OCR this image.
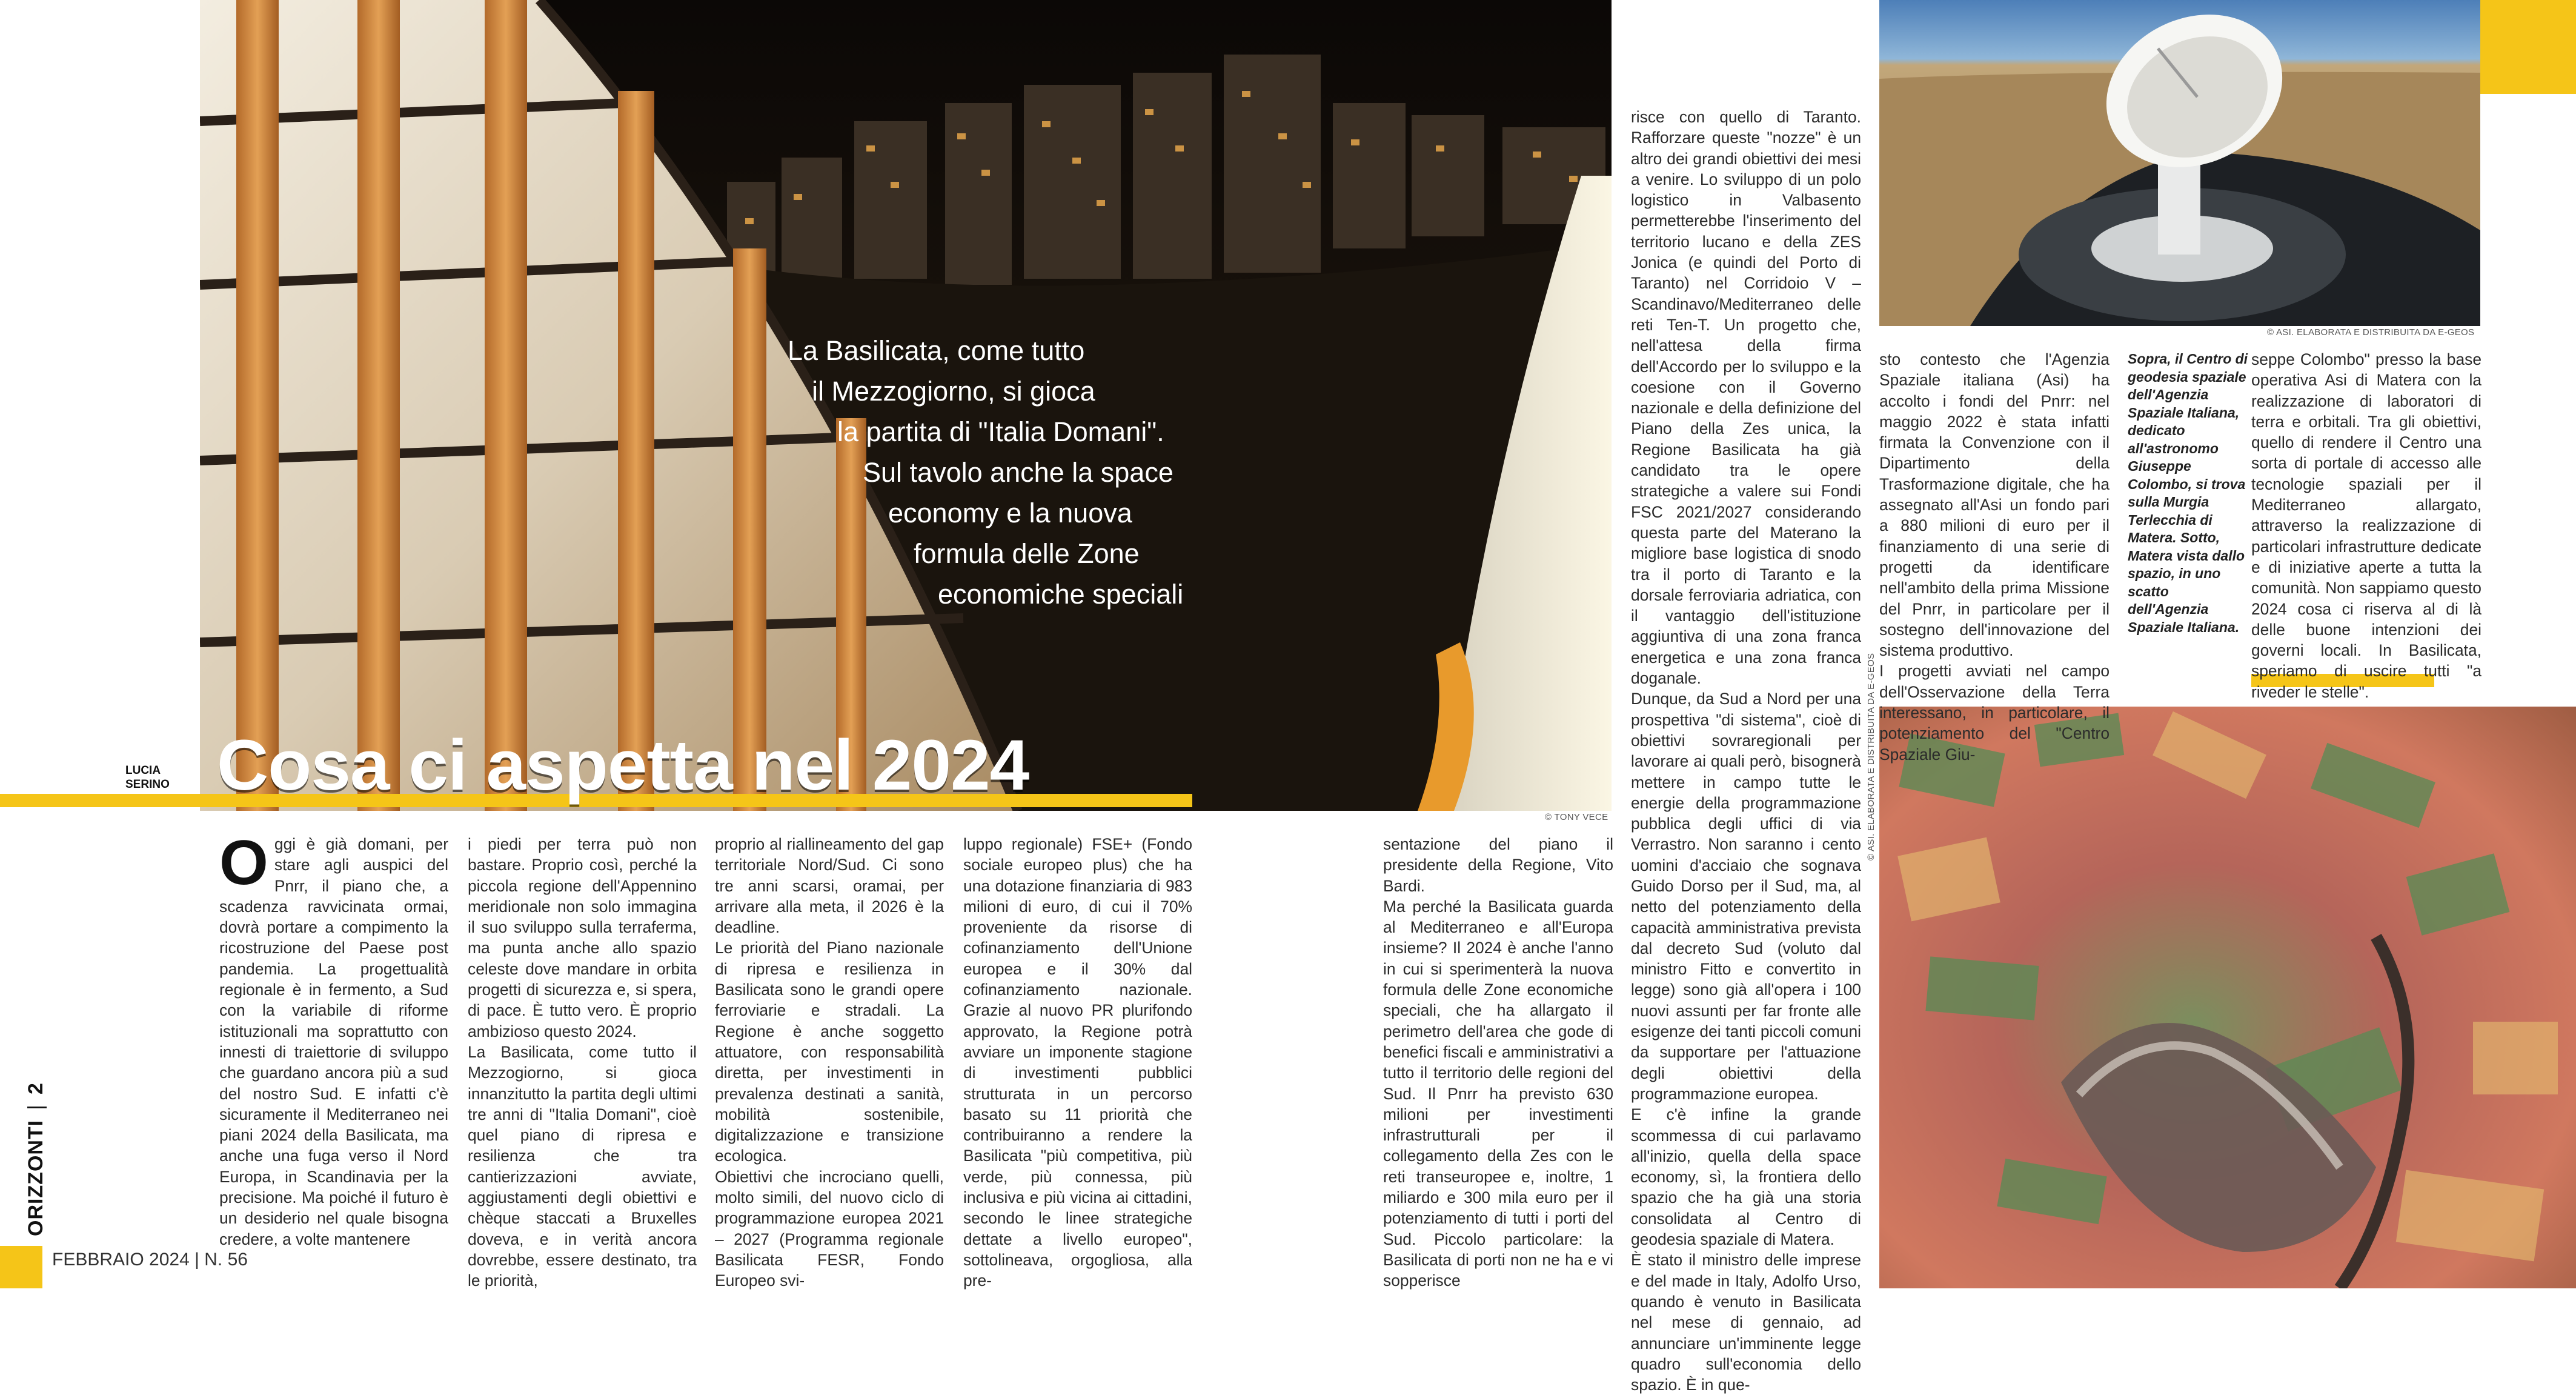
La Basilicata, come tutto
il Mezzogiorno, si gioca
la partita di "Italia Domani".
Sul tavolo anche la space
economy e la nuova
formula delle Zone
economiche speciali
Cosa ci aspetta nel 2024
LUCIA
SERINO
© TONY VECE
© ASI. ELABORATA E DISTRIBUITA DA E-GEOS
© ASI. ELABORATA E DISTRIBUITA DA E-GEOS
O ggi è già domani, per stare agli auspici del Pnrr, il piano che, a scadenza ravvicinata ormai, dovrà portare a compimento la ricostruzione del Paese post pandemia. La progettualità regionale è in fermento, a Sud con la variabile di riforme istituzionali ma soprattutto con innesti di traiettorie di sviluppo che guardano ancora più a sud del nostro Sud. E infatti c'è sicuramente il Mediterraneo nei piani 2024 della Basilicata, ma anche una fuga verso il Nord Europa, in Scandinavia per la precisione. Ma poiché il futuro è un desiderio nel quale bisogna credere, a volte mantenere

i piedi per terra può non bastare. Proprio così, perché la piccola regione dell'Appennino meridionale non solo immagina il suo sviluppo sulla terraferma, ma punta anche allo spazio celeste dove mandare in orbita progetti di sicurezza e, si spera, di pace. È tutto vero. È proprio ambizioso questo 2024.

La Basilicata, come tutto il Mezzogiorno, si gioca innanzitutto la partita degli ultimi tre anni di "Italia Domani", cioè quel piano di ripresa e resilienza che tra cantierizzazioni avviate, aggiustamenti degli obiettivi e chèque staccati a Bruxelles doveva, e in verità ancora dovrebbe, essere destinato, tra le priorità,

proprio al riallineamento del gap territoriale Nord/Sud. Ci sono tre anni scarsi, oramai, per arrivare alla meta, il 2026 è la deadline.

Le priorità del Piano nazionale di ripresa e resilienza in Basilicata sono le grandi opere ferroviarie e stradali. La Regione è anche soggetto attuatore, con responsabilità diretta, per investimenti in prevalenza destinati a sanità, mobilità sostenibile, digitalizzazione e transizione ecologica.

Obiettivi che incrociano quelli, molto simili, del nuovo ciclo di programmazione europea 2021 – 2027 (Programma regionale Basilicata FESR, Fondo Europeo svi-

luppo regionale) FSE+ (Fondo sociale europeo plus) che ha una dotazione finanziaria di 983 milioni di euro, di cui il 70% proveniente da risorse di cofinanziamento dell'Unione europea e il 30% dal cofinanziamento nazionale. Grazie al nuovo PR plurifondo approvato, la Regione potrà avviare un imponente stagione di investimenti pubblici strutturata in un percorso basato su 11 priorità che contribuiranno a rendere la Basilicata "più competitiva, più verde, più connessa, più inclusiva e più vicina ai cittadini, secondo le linee strategiche dettate a livello europeo", sottolineava, orgogliosa, alla pre-

sentazione del piano il presidente della Regione, Vito Bardi.

Ma perché la Basilicata guarda al Mediterraneo e all'Europa insieme? Il 2024 è anche l'anno in cui si sperimenterà la nuova formula delle Zone economiche speciali, che ha allargato il perimetro dell'area che gode di benefici fiscali e amministrativi a tutto il territorio delle regioni del Sud. Il Pnrr ha previsto 630 milioni per investimenti infrastrutturali per il collegamento della Zes con le reti transeuropee e, inoltre, 1 miliardo e 300 mila euro per il potenziamento di tutti i porti del Sud. Piccolo particolare: la Basilicata di porti non ne ha e vi sopperisce

risce con quello di Taranto. Rafforzare queste "nozze" è un altro dei grandi obiettivi dei mesi a venire. Lo sviluppo di un polo logistico in Valbasento permetterebbe l'inserimento del territorio lucano e della ZES Jonica (e quindi del Porto di Taranto) nel Corridoio V – Scandinavo/Mediterraneo delle reti Ten-T. Un progetto che, nell'attesa della firma dell'Accordo per lo sviluppo e la coesione con il Governo nazionale e della definizione del Piano della Zes unica, la Regione Basilicata ha già candidato tra le opere strategiche a valere sui Fondi FSC 2021/2027 considerando questa parte del Materano la migliore base logistica di snodo tra il porto di Taranto e la dorsale ferroviaria adriatica, con il vantaggio dell'istituzione aggiuntiva di una zona franca energetica e una zona franca doganale.

Dunque, da Sud a Nord per una prospettiva "di sistema", cioè di obiettivi sovraregionali per lavorare ai quali però, bisognerà mettere in campo tutte le energie della programmazione pubblica degli uffici di via Verrastro. Non saranno i cento uomini d'acciaio che sognava Guido Dorso per il Sud, ma, al netto del potenziamento della capacità amministrativa prevista dal decreto Sud (voluto dal ministro Fitto e convertito in legge) sono già all'opera i 100 nuovi assunti per far fronte alle esigenze dei tanti piccoli comuni da supportare per l'attuazione degli obiettivi della programmazione europea.

E c'è infine la grande scommessa di cui parlavamo all'inizio, quella della space economy, sì, la frontiera dello spazio che ha già una storia consolidata al Centro di geodesia spaziale di Matera.

È stato il ministro delle imprese e del made in Italy, Adolfo Urso, quando è venuto in Basilicata nel mese di gennaio, ad annunciare un'imminente legge quadro sull'economia dello spazio. È in que-

sto contesto che l'Agenzia Spaziale italiana (Asi) ha accolto i fondi del Pnrr: nel maggio 2022 è stata infatti firmata la Convenzione con il Dipartimento della Trasformazione digitale, che ha assegnato all'Asi un fondo pari a 880 milioni di euro per il finanziamento di una serie di progetti da identificare nell'ambito della prima Missione del Pnrr, in particolare per il sostegno dell'innovazione del sistema produttivo.

I progetti avviati nel campo dell'Osservazione della Terra interessano, in particolare, il potenziamento del "Centro Spaziale Giu-

Sopra, il Centro di geodesia spaziale dell'Agenzia Spaziale Italiana, dedicato all'astronomo Giuseppe Colombo, si trova sulla Murgia Terlecchia di Matera. Sotto, Matera vista dallo spazio, in uno scatto dell'Agenzia Spaziale Italiana.

seppe Colombo" presso la base operativa Asi di Matera con la realizzazione di laboratori di terra e orbitali. Tra gli obiettivi, quello di rendere il Centro una sorta di portale di accesso alle tecnologie spaziali per il Mediterraneo allargato, attraverso la realizzazione di particolari infrastrutture dedicate e di iniziative aperte a tutta la comunità. Non sappiamo questo 2024 cosa ci riserva al di là delle buone intenzioni dei governi locali. In Basilicata, speriamo di uscire tutti "a riveder le stelle".

FEBBRAIO 2024 | N. 56
ORIZZONTI|2
